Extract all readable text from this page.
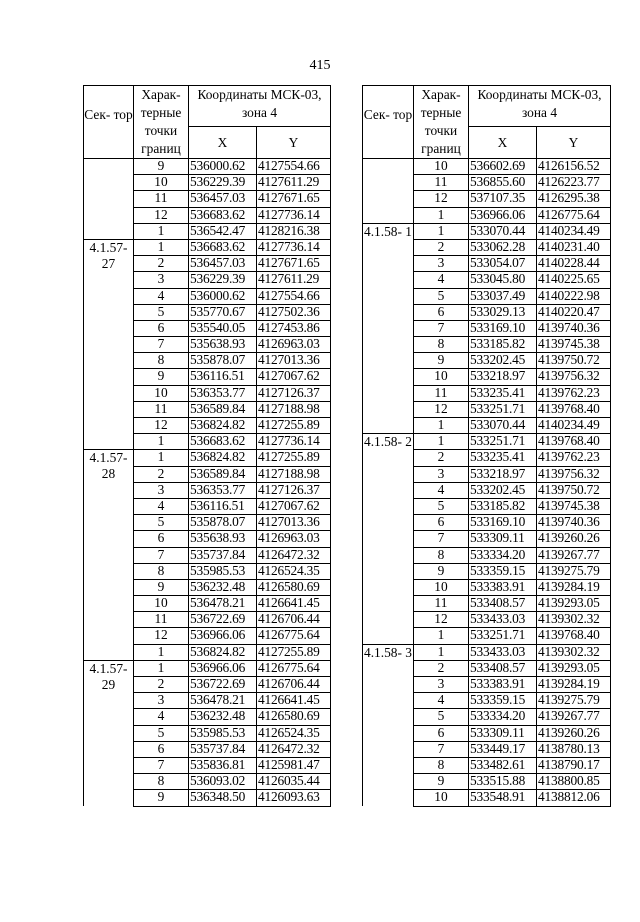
415
Сек- тор	Харак- терные точки границ	Координаты МСК-03, зона 4	
		X	Y
	9	536000.62	4127554.66
	10	536229.39	4127611.29
	11	536457.03	4127671.65
	12	536683.62	4127736.14
	1	536542.47	4128216.38
4.1.57- 27	1	536683.62	4127736.14
	2	536457.03	4127671.65
	3	536229.39	4127611.29
	4	536000.62	4127554.66
	5	535770.67	4127502.36
	6	535540.05	4127453.86
	7	535638.93	4126963.03
	8	535878.07	4127013.36
	9	536116.51	4127067.62
	10	536353.77	4127126.37
	11	536589.84	4127188.98
	12	536824.82	4127255.89
	1	536683.62	4127736.14
4.1.57- 28	1	536824.82	4127255.89
	2	536589.84	4127188.98
	3	536353.77	4127126.37
	4	536116.51	4127067.62
	5	535878.07	4127013.36
	6	535638.93	4126963.03
	7	535737.84	4126472.32
	8	535985.53	4126524.35
	9	536232.48	4126580.69
	10	536478.21	4126641.45
	11	536722.69	4126706.44
	12	536966.06	4126775.64
	1	536824.82	4127255.89
4.1.57- 29	1	536966.06	4126775.64
	2	536722.69	4126706.44
	3	536478.21	4126641.45
	4	536232.48	4126580.69
	5	535985.53	4126524.35
	6	535737.84	4126472.32
	7	535836.81	4125981.47
	8	536093.02	4126035.44
	9	536348.50	4126093.63
Сек- тор	Харак- терные точки границ	Координаты МСК-03, зона 4	
		X	Y
	10	536602.69	4126156.52
	11	536855.60	4126223.77
	12	537107.35	4126295.38
	1	536966.06	4126775.64
4.1.58- 1	1	533070.44	4140234.49
	2	533062.28	4140231.40
	3	533054.07	4140228.44
	4	533045.80	4140225.65
	5	533037.49	4140222.98
	6	533029.13	4140220.47
	7	533169.10	4139740.36
	8	533185.82	4139745.38
	9	533202.45	4139750.72
	10	533218.97	4139756.32
	11	533235.41	4139762.23
	12	533251.71	4139768.40
	1	533070.44	4140234.49
4.1.58- 2	1	533251.71	4139768.40
	2	533235.41	4139762.23
	3	533218.97	4139756.32
	4	533202.45	4139750.72
	5	533185.82	4139745.38
	6	533169.10	4139740.36
	7	533309.11	4139260.26
	8	533334.20	4139267.77
	9	533359.15	4139275.79
	10	533383.91	4139284.19
	11	533408.57	4139293.05
	12	533433.03	4139302.32
	1	533251.71	4139768.40
4.1.58- 3	1	533433.03	4139302.32
	2	533408.57	4139293.05
	3	533383.91	4139284.19
	4	533359.15	4139275.79
	5	533334.20	4139267.77
	6	533309.11	4139260.26
	7	533449.17	4138780.13
	8	533482.61	4138790.17
	9	533515.88	4138800.85
	10	533548.91	4138812.06
